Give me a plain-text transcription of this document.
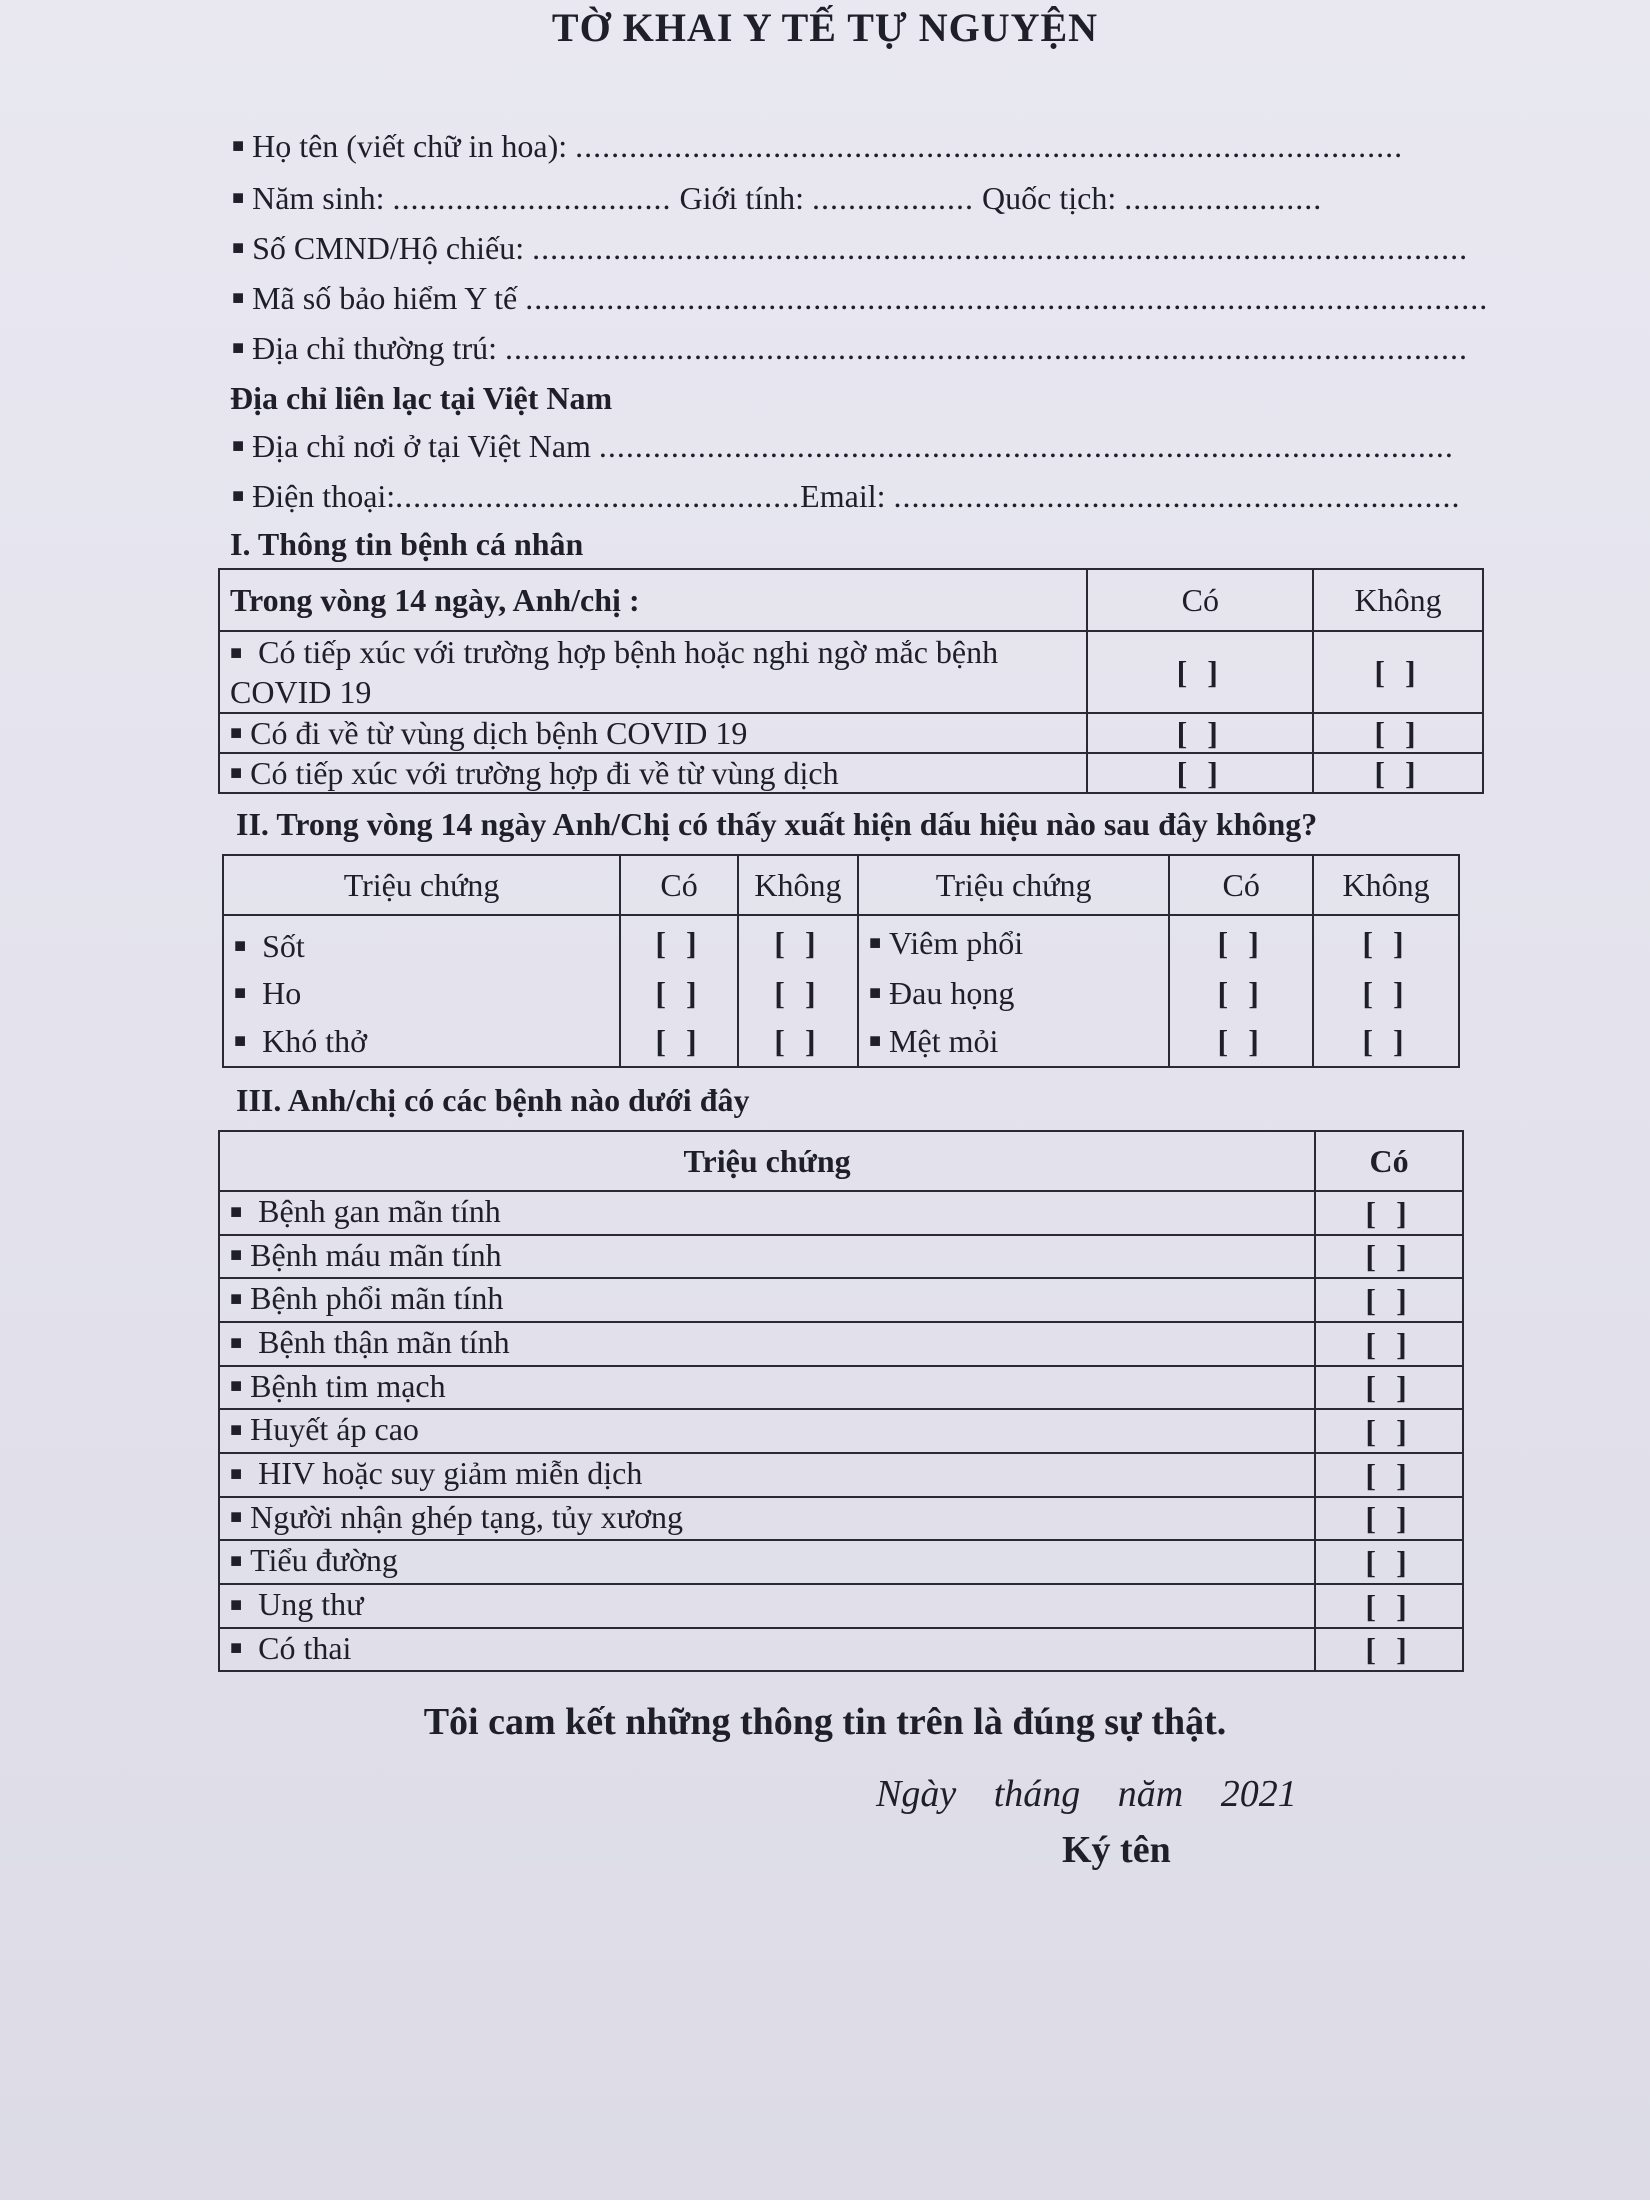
TỜ KHAI Y TẾ TỰ NGUYỆN
■ Họ tên (viết chữ in hoa): ............................................................................................
■ Năm sinh: ............................... Giới tính: .................. Quốc tịch: ......................
■ Số CMND/Hộ chiếu: ........................................................................................................
■ Mã số bảo hiểm Y tế ...........................................................................................................
■ Địa chỉ thường trú: ...........................................................................................................
Địa chỉ liên lạc tại Việt Nam
■ Địa chỉ nơi ở tại Việt Nam ...............................................................................................
■ Điện thoại:.............................................Email: ...............................................................
I. Thông tin bệnh cá nhân
Trong vòng 14 ngày, Anh/chị :	Có	Không
■ Có tiếp xúc với trường hợp bệnh hoặc nghi ngờ mắc bệnh COVID 19	[ ]	[ ]
■ Có đi về từ vùng dịch bệnh COVID 19	[ ]	[ ]
■ Có tiếp xúc với trường hợp đi về từ vùng dịch	[ ]	[ ]
II. Trong vòng 14 ngày Anh/Chị có thấy xuất hiện dấu hiệu nào sau đây không?
Triệu chứng	Có	Không	Triệu chứng	Có	Không
■ Sốt	[ ]	[ ]	■ Viêm phổi	[ ]	[ ]
■ Ho	[ ]	[ ]	■ Đau họng	[ ]	[ ]
■ Khó thở	[ ]	[ ]	■ Mệt mỏi	[ ]	[ ]
III. Anh/chị có các bệnh nào dưới đây
Triệu chứng	Có
■ Bệnh gan mãn tính	[ ]
■ Bệnh máu mãn tính	[ ]
■ Bệnh phổi mãn tính	[ ]
■ Bệnh thận mãn tính	[ ]
■ Bệnh tim mạch	[ ]
■ Huyết áp cao	[ ]
■ HIV hoặc suy giảm miễn dịch	[ ]
■ Người nhận ghép tạng, tủy xương	[ ]
■ Tiểu đường	[ ]
■ Ung thư	[ ]
■ Có thai	[ ]
Tôi cam kết những thông tin trên là đúng sự thật.
Ngày tháng năm 2021
Ký tên
